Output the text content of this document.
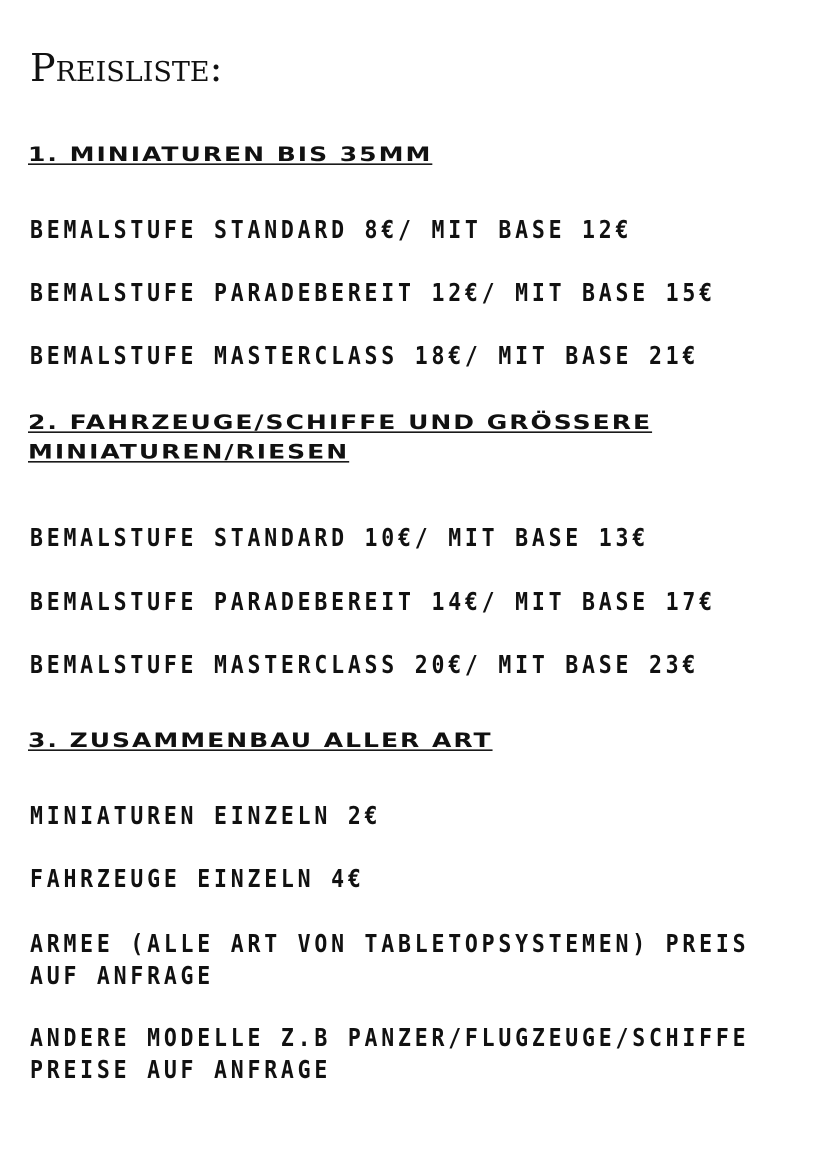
Preisliste:
1. MINIATUREN BIS 35MM
BEMALSTUFE STANDARD 8€/ MIT BASE 12€
BEMALSTUFE PARADEBEREIT 12€/ MIT BASE 15€
BEMALSTUFE MASTERCLASS 18€/ MIT BASE 21€
2. FAHRZEUGE/SCHIFFE UND GRÖSSERE MINIATUREN/RIESEN
BEMALSTUFE STANDARD 10€/ MIT BASE 13€
BEMALSTUFE PARADEBEREIT 14€/ MIT BASE 17€
BEMALSTUFE MASTERCLASS 20€/ MIT BASE 23€
3. ZUSAMMENBAU ALLER ART
MINIATUREN EINZELN 2€
FAHRZEUGE EINZELN 4€
ARMEE (ALLE ART VON TABLETOPSYSTEMEN) PREIS AUF ANFRAGE
ANDERE MODELLE Z.B PANZER/FLUGZEUGE/SCHIFFE PREISE AUF ANFRAGE
